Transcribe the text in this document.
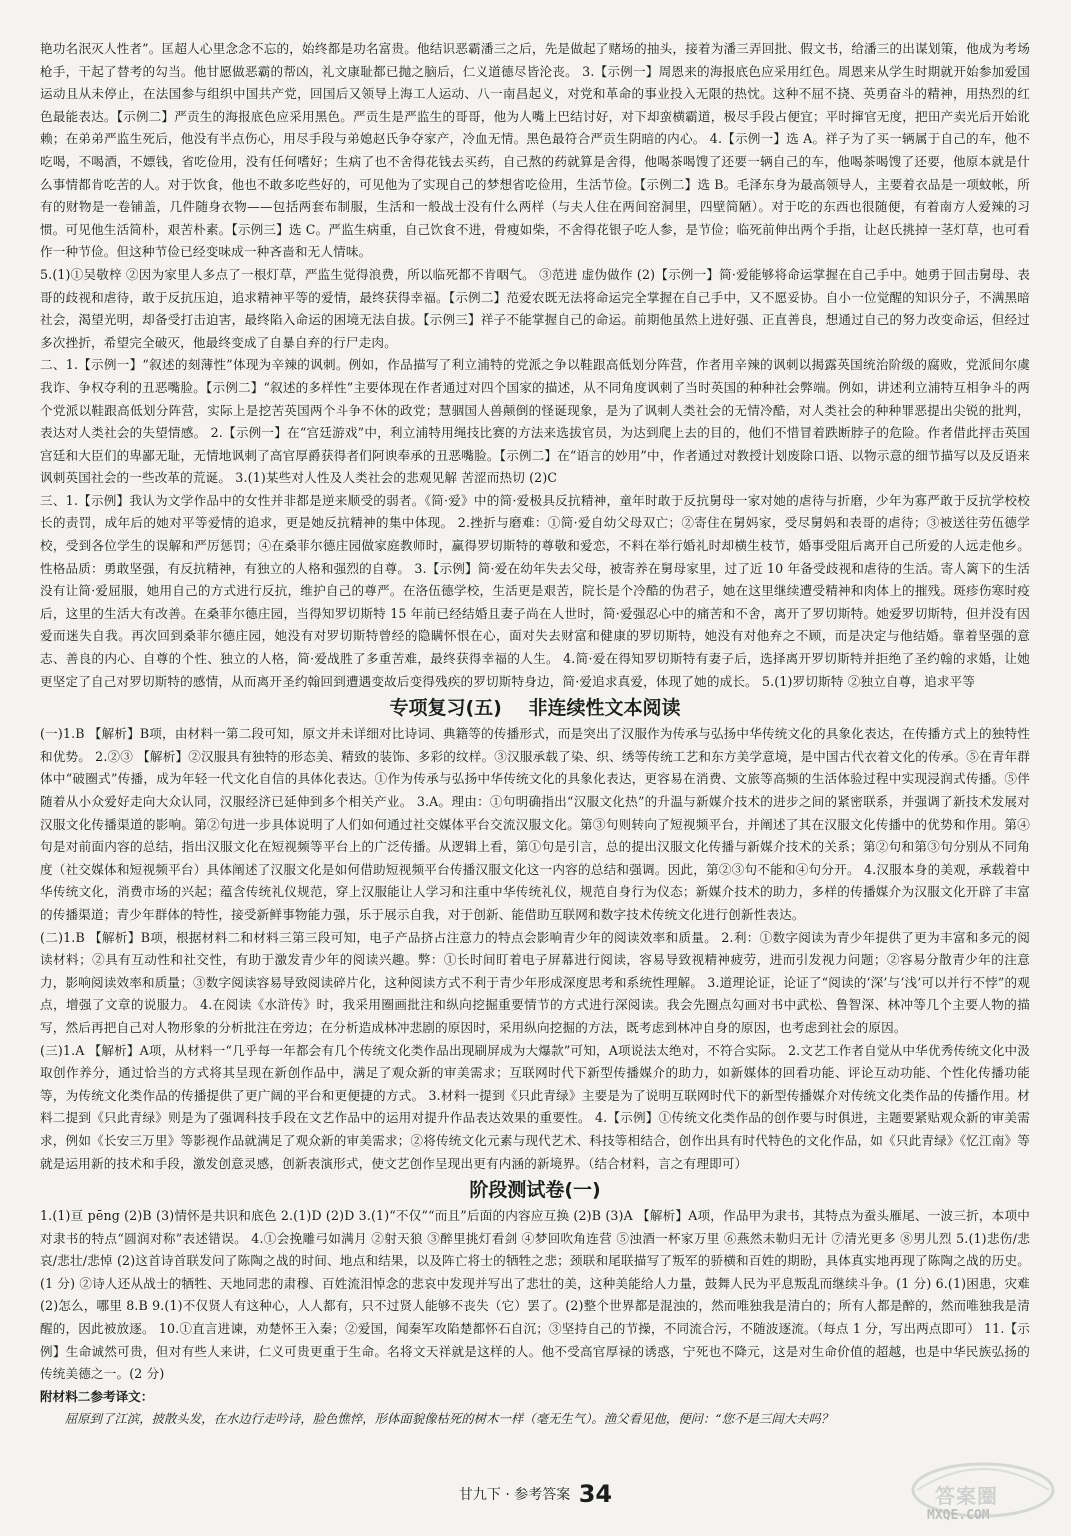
艳功名泯灭人性者”。匡超人心里念念不忘的，始终都是功名富贵。他结识恶霸潘三之后，先是做起了赌场的抽头，接着为潘三弄回批、假文书，给潘三的出谋划策，他成为考场枪手，干起了替考的勾当。他甘愿做恶霸的帮凶，礼文康耻都已抛之脑后，仁义道德尽皆沦丧。 3.【示例一】周恩来的海报底色应采用红色。周恩来从学生时期就开始参加爱国运动且从未停止，在法国参与组织中国共产党，回国后又领导上海工人运动、八一南昌起义，对党和革命的事业投入无限的热忱。这种不屈不挠、英勇奋斗的精神，用热烈的红色最能表达。【示例二】严贡生的海报底色应采用黑色。严贡生是严监生的哥哥，他为人嘴上巴结讨好，对下却蛮横霸道，极尽手段占便宜；平时撺官无度，把田产卖光后开始讹赖；在弟弟严监生死后，他没有半点伤心，用尽手段与弟媳赵氏争夺家产，冷血无情。黑色最符合严贡生阴暗的内心。 4.【示例一】选 A。祥子为了买一辆属于自己的车，他不吃喝，不喝酒，不嫖钱，省吃俭用，没有任何嗜好；生病了也不舍得花钱去买药，自己熬的药就算是舍得，他喝茶喝馊了还要一辆自己的车，他喝茶喝馊了还要，他原本就是什么事情都肯吃苦的人。对于饮食，他也不敢多吃些好的，可见他为了实现自己的梦想省吃俭用，生活节俭。【示例二】选 B。毛泽东身为最高领导人，主要着衣品是一项蚊帐，所有的财物是一卷铺盖，几件随身衣物——包括两套布制服，生活和一般战士没有什么两样（与夫人住在两间窑洞里，四壁简陋）。对于吃的东西也很随便，有着南方人爱辣的习惯。可见他生活简朴，艰苦朴素。【示例三】选 C。严监生病重，自己饮食不进，骨瘦如柴，不舍得花银子吃人参，是节俭；临死前伸出两个手指，让赵氏挑掉一茎灯草，也可看作一种节俭。但这种节俭已经变味成一种吝啬和无人情味。

5.(1)①吴敬梓 ②因为家里人多点了一根灯草，严监生觉得浪费，所以临死都不肯咽气。 ③范进 虚伪做作 (2)【示例一】简·爱能够将命运掌握在自己手中。她勇于回击舅母、表哥的歧视和虐待，敢于反抗压迫，追求精神平等的爱情，最终获得幸福。【示例二】范爱农既无法将命运完全掌握在自己手中，又不愿妥协。自小一位觉醒的知识分子，不满黑暗社会，渴望光明，却备受打击迫害，最终陷入命运的困境无法自拔。【示例三】祥子不能掌握自己的命运。前期他虽然上进好强、正直善良，想通过自己的努力改变命运，但经过多次挫折，希望完全破灭，他最终变成了自暴自弃的行尸走肉。

二、1.【示例一】“叙述的刻薄性”体现为辛辣的讽刺。例如，作品描写了利立浦特的党派之争以鞋跟高低划分阵营，作者用辛辣的讽刺以揭露英国统治阶级的腐败，党派间尔虞我诈、争权夺利的丑恶嘴脸。【示例二】“叙述的多样性”主要体现在作者通过对四个国家的描述，从不同角度讽刺了当时英国的种种社会弊端。例如，讲述利立浦特互相争斗的两个党派以鞋跟高低划分阵营，实际上是挖苦英国两个斗争不休的政党；慧骃国人兽颠倒的怪诞现象，是为了讽刺人类社会的无情冷酷，对人类社会的种种罪恶提出尖锐的批判，表达对人类社会的失望情感。 2.【示例一】在“宫廷游戏”中，利立浦特用绳技比赛的方法来选拔官员，为达到爬上去的目的，他们不惜冒着跌断脖子的危险。作者借此抨击英国宫廷和大臣们的卑鄙无耻，无情地讽刺了高官厚爵获得者们阿谀奉承的丑恶嘴脸。【示例二】在“语言的妙用”中，作者通过对教授计划废除口语、以物示意的细节描写以及反语来讽刺英国社会的一些改革的荒诞。 3.(1)某些对人性及人类社会的悲观见解 苦涩而热切 (2)C

三、1.【示例】我认为文学作品中的女性并非都是逆来顺受的弱者。《简·爱》中的简·爱极具反抗精神，童年时敢于反抗舅母一家对她的虐待与折磨，少年为寡严敢于反抗学校校长的责罚，成年后的她对平等爱情的追求，更是她反抗精神的集中体现。 2.挫折与磨难：①简·爱自幼父母双亡；②寄住在舅妈家，受尽舅妈和表哥的虐待；③被送往劳伍德学校，受到各位学生的误解和严厉惩罚；④在桑菲尔德庄园做家庭教师时，赢得罗切斯特的尊敬和爱恋，不料在举行婚礼时却横生枝节，婚事受阻后离开自己所爱的人远走他乡。性格品质：勇敢坚强，有反抗精神，有独立的人格和强烈的自尊。 3.【示例】简·爱在幼年失去父母，被寄养在舅母家里，过了近 10 年备受歧视和虐待的生活。寄人篱下的生活没有让简·爱屈服，她用自己的方式进行反抗，维护自己的尊严。在洛伍德学校，生活更是艰苦，院长是个冷酷的伪君子，她在这里继续遭受精神和肉体上的摧残。斑疹伤寒时疫后，这里的生活大有改善。在桑菲尔德庄园，当得知罗切斯特 15 年前已经结婚且妻子尚在人世时，简·爱强忍心中的痛苦和不舍，离开了罗切斯特。她爱罗切斯特，但并没有因爱而迷失自我。再次回到桑菲尔德庄园，她没有对罗切斯特曾经的隐瞒怀恨在心，面对失去财富和健康的罗切斯特，她没有对他弃之不顾，而是决定与他结婚。靠着坚强的意志、善良的内心、自尊的个性、独立的人格，简·爱战胜了多重苦难，最终获得幸福的人生。 4.简·爱在得知罗切斯特有妻子后，选择离开罗切斯特并拒绝了圣约翰的求婚，让她更坚定了自己对罗切斯特的感情，从而离开圣约翰回到遭遇变故后变得残疾的罗切斯特身边，简·爱追求真爱，体现了她的成长。 5.(1)罗切斯特 ②独立自尊，追求平等

专项复习(五) 非连续性文本阅读

(一)1.B 【解析】B项，由材料一第二段可知，原文并未详细对比诗词、典籍等的传播形式，而是突出了汉服作为传承与弘扬中华传统文化的具象化表达，在传播方式上的独特性和优势。 2.②③ 【解析】②汉服具有独特的形态美、精致的装饰、多彩的纹样。③汉服承载了染、织、绣等传统工艺和东方美学意境，是中国古代衣着文化的传承。⑤在青年群体中“破圈式”传播，成为年轻一代文化自信的具体化表达。①作为传承与弘扬中华传统文化的具象化表达，更容易在消费、文旅等高频的生活体验过程中实现浸润式传播。⑤伴随着从小众爱好走向大众认同，汉服经济已延伸到多个相关产业。 3.A。理由：①句明确指出“汉服文化热”的升温与新媒介技术的进步之间的紧密联系，并强调了新技术发展对汉服文化传播渠道的影响。第②句进一步具体说明了人们如何通过社交媒体平台交流汉服文化。第③句则转向了短视频平台，并阐述了其在汉服文化传播中的优势和作用。第④句是对前面内容的总结，指出汉服文化在短视频等平台上的广泛传播。从逻辑上看，第①句是引言，总的提出汉服文化传播与新媒介技术的关系；第②句和第③句分别从不同角度（社交媒体和短视频平台）具体阐述了汉服文化是如何借助短视频平台传播汉服文化这一内容的总结和强调。因此，第②③句不能和④句分开。 4.汉服本身的美观，承载着中华传统文化，消费市场的兴起；蕴含传统礼仪规范，穿上汉服能让人学习和注重中华传统礼仪，规范自身行为仪态；新媒介技术的助力，多样的传播媒介为汉服文化开辟了丰富的传播渠道；青少年群体的特性，接受新鲜事物能力强，乐于展示自我，对于创新、能借助互联网和数字技术传统文化进行创新性表达。

(二)1.B 【解析】B项，根据材料二和材料三第三段可知，电子产品挤占注意力的特点会影响青少年的阅读效率和质量。 2.利：①数字阅读为青少年提供了更为丰富和多元的阅读材料；②具有互动性和社交性，有助于激发青少年的阅读兴趣。弊：①长时间盯着电子屏幕进行阅读，容易导致视精神疲劳，进而引发视力问题；②容易分散青少年的注意力，影响阅读效率和质量；③数字阅读容易导致阅读碎片化，这种阅读方式不利于青少年形成深度思考和系统性理解。 3.道理论证，论证了“阅读的‘深’与‘浅’可以并行不悖”的观点，增强了文章的说服力。 4.在阅读《水浒传》时，我采用圈画批注和纵向挖掘重要情节的方式进行深阅读。我会先圈点勾画对书中武松、鲁智深、林冲等几个主要人物的描写，然后再把自己对人物形象的分析批注在旁边；在分析造成林冲悲剧的原因时，采用纵向挖掘的方法，既考虑到林冲自身的原因，也考虑到社会的原因。

(三)1.A 【解析】A项，从材料一“几乎每一年都会有几个传统文化类作品出现刷屏成为大爆款”可知，A项说法太绝对，不符合实际。 2.文艺工作者自觉从中华优秀传统文化中汲取创作养分，通过恰当的方式将其呈现在新创作品中，满足了观众新的审美需求；互联网时代下新型传播媒介的助力，如新媒体的回看功能、评论互动功能、个性化传播功能等，为传统文化类作品的传播提供了更广阔的平台和更便捷的方式。 3.材料一提到《只此青绿》主要是为了说明互联网时代下的新型传播媒介对传统文化类作品的传播作用。材料二提到《只此青绿》则是为了强调科技手段在文艺作品中的运用对提升作品表达效果的重要性。 4.【示例】①传统文化类作品的创作要与时俱进，主题要紧贴观众新的审美需求，例如《长安三万里》等影视作品就满足了观众新的审美需求；②将传统文化元素与现代艺术、科技等相结合，创作出具有时代特色的文化作品，如《只此青绿》《忆江南》等就是运用新的技术和手段，激发创意灵感，创新表演形式，使文艺创作呈现出更有内涵的新境界。（结合材料，言之有理即可）

阶段测试卷(一)

1.(1)亘 pēng (2)B (3)情怀是共识和底色 2.(1)D (2)D 3.(1)“不仅”“而且”后面的内容应互换 (2)B (3)A 【解析】A项，作品甲为隶书，其特点为蚕头雁尾、一波三折，本项中对隶书的特点“圆润对称”表述错误。 4.①会挽雕弓如满月 ②射天狼 ③醉里挑灯看剑 ④梦回吹角连营 ⑤浊酒一杯家万里 ⑥燕然未勒归无计 ⑦清光更多 ⑧男儿烈 5.(1)悲伤/悲哀/悲壮/悲悼 (2)这首诗首联发问了陈陶之战的时间、地点和结果，以及阵亡将士的牺牲之悲；颈联和尾联描写了叛军的骄横和百姓的期盼，具体真实地再现了陈陶之战的历史。(1 分) ②诗人还从战士的牺牲、天地同悲的肃穆、百姓流泪悼念的悲哀中发现并写出了悲壮的美，这种美能给人力量，鼓舞人民为平息叛乱而继续斗争。(1 分) 6.(1)困患，灾难 (2)怎么，哪里 8.B 9.(1)不仅贤人有这种心，人人都有，只不过贤人能够不丧失（它）罢了。(2)整个世界都是混浊的，然而唯独我是清白的；所有人都是醉的，然而唯独我是清醒的，因此被放逐。 10.①直言进谏，劝楚怀王入秦；②爱国，闻秦军攻陷楚都怀石自沉；③坚持自己的节操，不同流合污，不随波逐流。（每点 1 分，写出两点即可） 11.【示例】生命诚然可贵，但对有些人来讲，仁义可贵更重于生命。名将文天祥就是这样的人。他不受高官厚禄的诱惑，宁死也不降元，这是对生命价值的超越，也是中华民族弘扬的传统美德之一。(2 分)

附材料二参考译文：

屈原到了江滨，披散头发，在水边行走吟诗，脸色憔悴，形体面貌像枯死的树木一样（毫无生气）。渔父看见他，便问：“您不是三闾大夫吗？

甘九下 · 参考答案 34	答案圈
MXQE.COM
